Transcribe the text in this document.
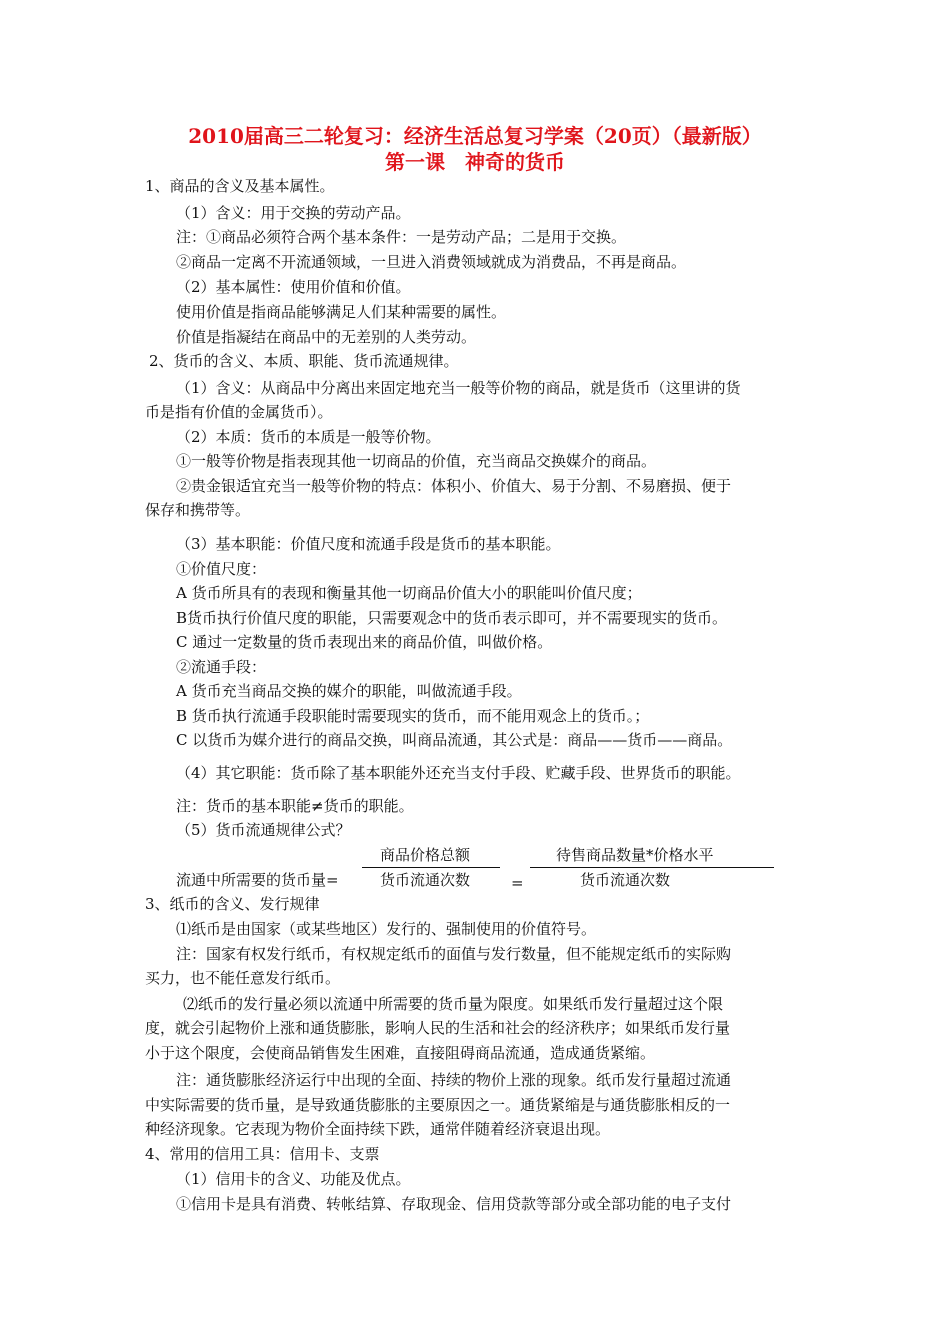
2010届高三二轮复习：经济生活总复习学案（20页）（最新版）
第一课　神奇的货币
1、商品的含义及基本属性。
（1）含义：用于交换的劳动产品。
注：①商品必须符合两个基本条件：一是劳动产品；二是用于交换。
②商品一定离不开流通领域，一旦进入消费领域就成为消费品，不再是商品。
（2）基本属性：使用价值和价值。
使用价值是指商品能够满足人们某种需要的属性。
价值是指凝结在商品中的无差别的人类劳动。
2、货币的含义、本质、职能、货币流通规律。
（1）含义：从商品中分离出来固定地充当一般等价物的商品，就是货币（这里讲的货
币是指有价值的金属货币）。
（2）本质：货币的本质是一般等价物。
①一般等价物是指表现其他一切商品的价值，充当商品交换媒介的商品。
②贵金银适宜充当一般等价物的特点：体积小、价值大、易于分割、不易磨损、便于
保存和携带等。
（3）基本职能：价值尺度和流通手段是货币的基本职能。
①价值尺度：
A 货币所具有的表现和衡量其他一切商品价值大小的职能叫价值尺度；
B货币执行价值尺度的职能，只需要观念中的货币表示即可，并不需要现实的货币。
C 通过一定数量的货币表现出来的商品价值，叫做价格。
②流通手段：
A 货币充当商品交换的媒介的职能，叫做流通手段。
B 货币执行流通手段职能时需要现实的货币，而不能用观念上的货币。；
C 以货币为媒介进行的商品交换，叫商品流通，其公式是：商品——货币——商品。
（4）其它职能：货币除了基本职能外还充当支付手段、贮藏手段、世界货币的职能。
注：货币的基本职能≠货币的职能。
（5）货币流通规律公式？
商品价格总额	待售商品数量*价格水平
流通中所需要的货币量=	货币流通次数	=	货币流通次数
3、纸币的含义、发行规律
⑴纸币是由国家（或某些地区）发行的、强制使用的价值符号。
注：国家有权发行纸币，有权规定纸币的面值与发行数量，但不能规定纸币的实际购
买力，也不能任意发行纸币。
⑵纸币的发行量必须以流通中所需要的货币量为限度。如果纸币发行量超过这个限
度，就会引起物价上涨和通货膨胀，影响人民的生活和社会的经济秩序；如果纸币发行量
小于这个限度，会使商品销售发生困难，直接阻碍商品流通，造成通货紧缩。
注：通货膨胀经济运行中出现的全面、持续的物价上涨的现象。纸币发行量超过流通
中实际需要的货币量，是导致通货膨胀的主要原因之一。通货紧缩是与通货膨胀相反的一
种经济现象。它表现为物价全面持续下跌，通常伴随着经济衰退出现。
4、常用的信用工具：信用卡、支票
（1）信用卡的含义、功能及优点。
①信用卡是具有消费、转帐结算、存取现金、信用贷款等部分或全部功能的电子支付
